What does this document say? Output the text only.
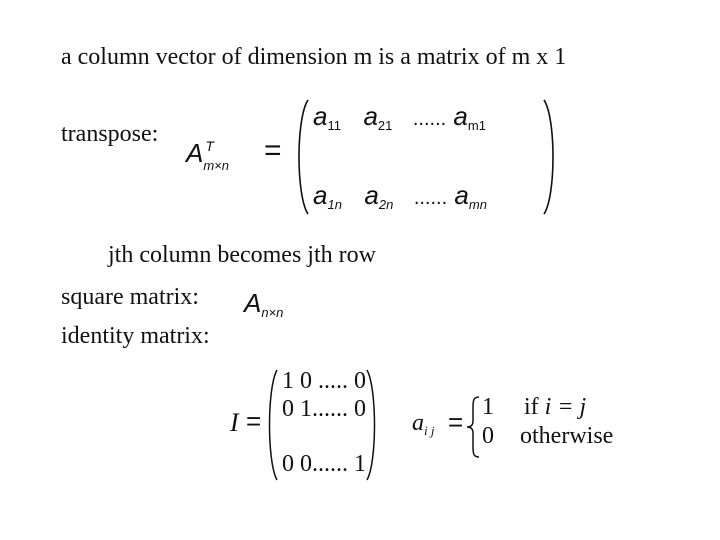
a column vector of dimension m is a matrix of m x 1
transpose:
jth column becomes jth row
square matrix:
identity matrix:
A T
m×n =
a11 a21 ...... am1
a1n a2n ...... amn
An×n
I =
1 0 ..... 0
0 1...... 0
0 0...... 1
$a_{i j} = 1$ if i = j
0 otherwise
